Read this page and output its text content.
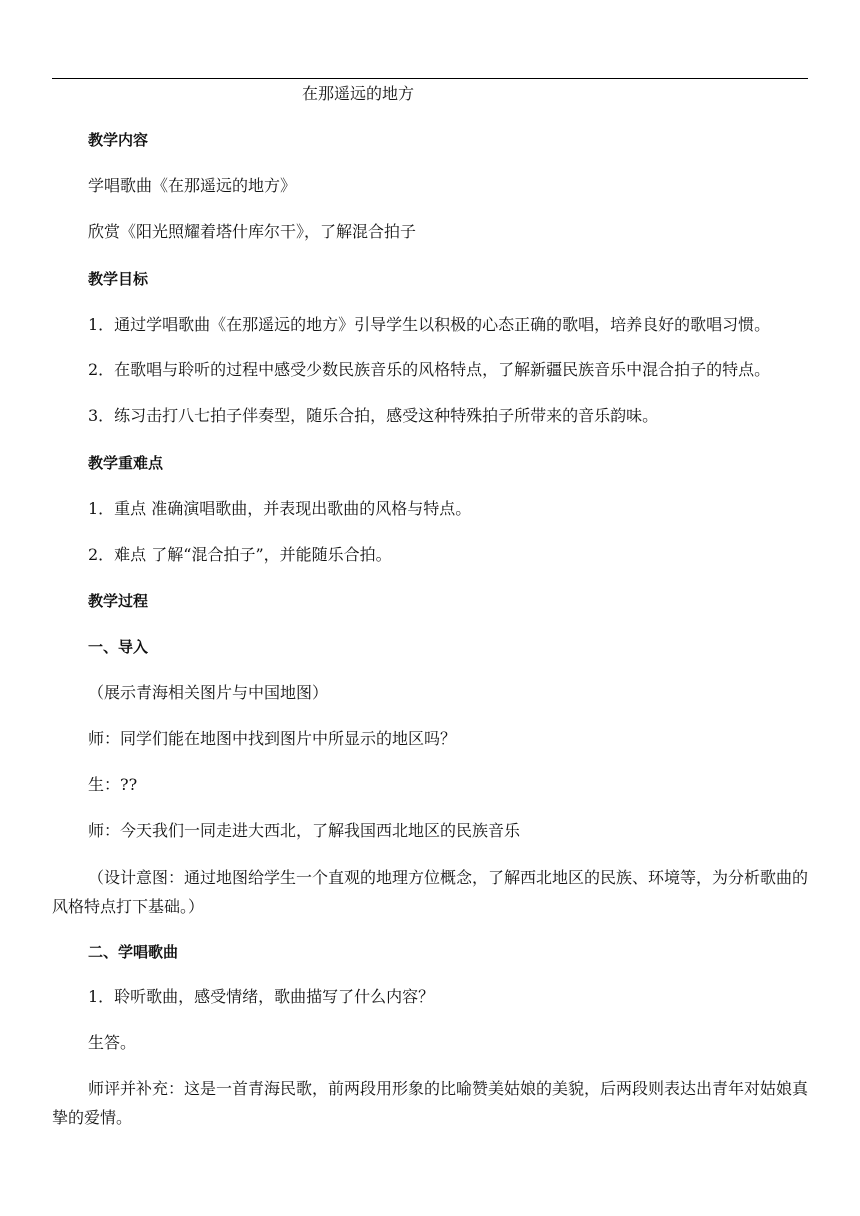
在那遥远的地方
教学内容
学唱歌曲《在那遥远的地方》
欣赏《阳光照耀着塔什库尔干》，了解混合拍子
教学目标
1．通过学唱歌曲《在那遥远的地方》引导学生以积极的心态正确的歌唱，培养良好的歌唱习惯。
2．在歌唱与聆听的过程中感受少数民族音乐的风格特点，了解新疆民族音乐中混合拍子的特点。
3．练习击打八七拍子伴奏型，随乐合拍，感受这种特殊拍子所带来的音乐韵味。
教学重难点
1．重点 准确演唱歌曲，并表现出歌曲的风格与特点。
2．难点 了解“混合拍子”，并能随乐合拍。
教学过程
一、导入
（展示青海相关图片与中国地图）
师：同学们能在地图中找到图片中所显示的地区吗？
生：??
师：今天我们一同走进大西北，了解我国西北地区的民族音乐
（设计意图：通过地图给学生一个直观的地理方位概念，了解西北地区的民族、环境等，为分析歌曲的风格特点打下基础。）
二、学唱歌曲
1．聆听歌曲，感受情绪，歌曲描写了什么内容？
生答。
师评并补充：这是一首青海民歌，前两段用形象的比喻赞美姑娘的美貌，后两段则表达出青年对姑娘真挚的爱情。
